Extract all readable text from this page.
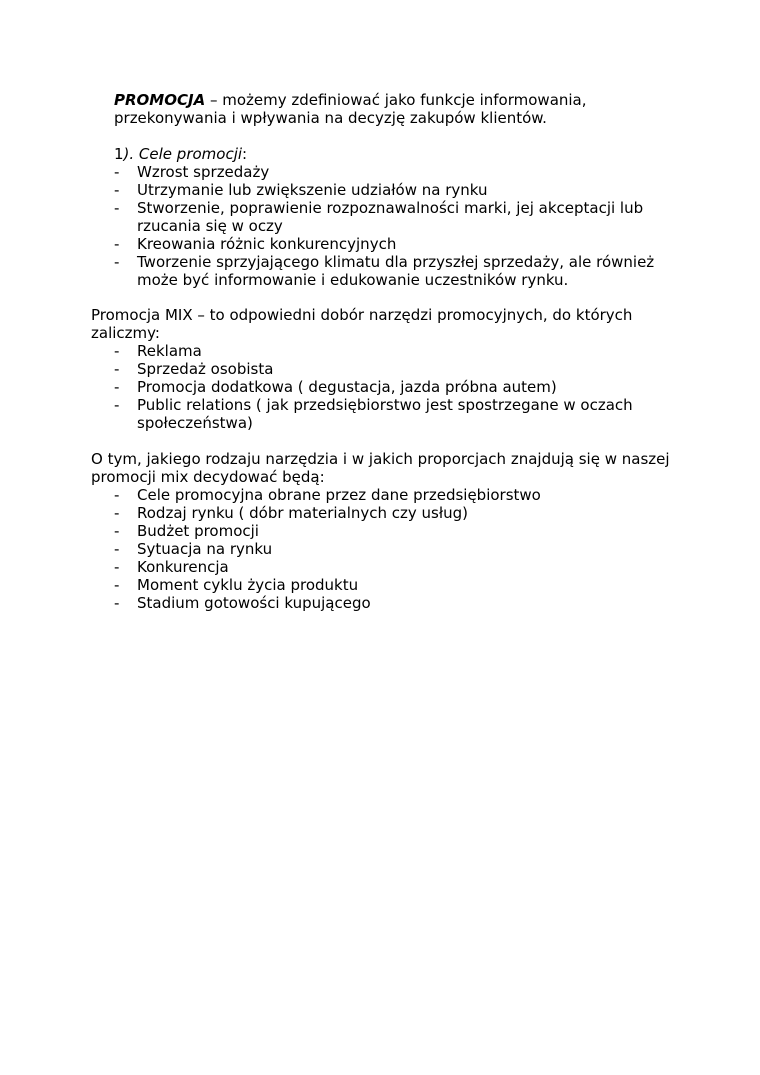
PROMOCJA – możemy zdefiniować jako funkcje informowania, przekonywania i wpływania na decyzję zakupów klientów.

1). Cele promocji:

- Wzrost sprzedaży
- Utrzymanie lub zwiększenie udziałów na rynku
- Stworzenie, poprawienie rozpoznawalności marki, jej akceptacji lub rzucania się w oczy
- Kreowania różnic konkurencyjnych
- Tworzenie sprzyjającego klimatu dla przyszłej sprzedaży, ale również może być informowanie i edukowanie uczestników rynku.

Promocja MIX – to odpowiedni dobór narzędzi promocyjnych, do których zaliczmy:

- Reklama
- Sprzedaż osobista
- Promocja dodatkowa ( degustacja, jazda próbna autem)
- Public relations ( jak przedsiębiorstwo jest spostrzegane w oczach społeczeństwa)

O tym, jakiego rodzaju narzędzia i w jakich proporcjach znajdują się w naszej promocji mix decydować będą:

- Cele promocyjna obrane przez dane przedsiębiorstwo
- Rodzaj rynku ( dóbr materialnych czy usług)
- Budżet promocji
- Sytuacja na rynku
- Konkurencja
- Moment cyklu życia produktu
- Stadium gotowości kupującego
